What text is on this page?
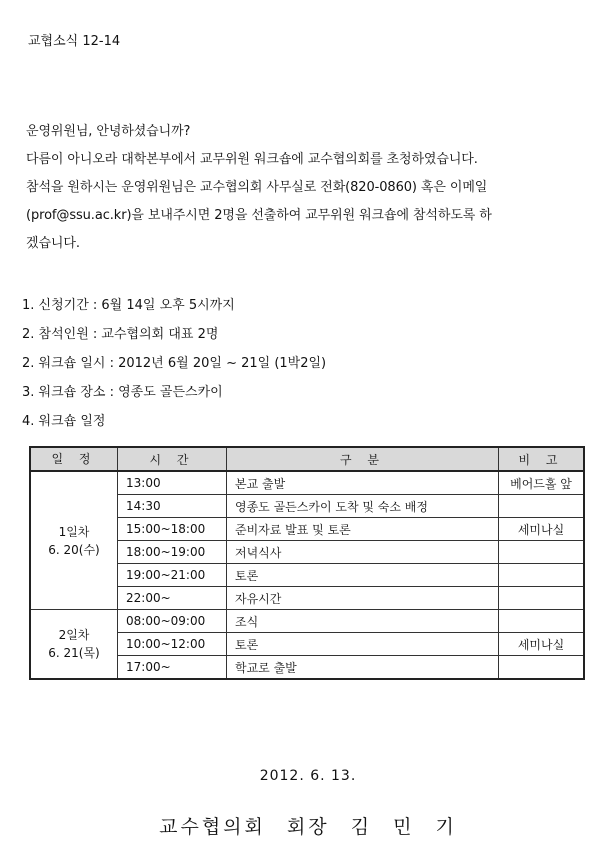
교협소식 12-14
운영위원님, 안녕하셨습니까?
다름이 아니오라 대학본부에서 교무위원 워크숍에 교수협의회를 초청하였습니다.
참석을 원하시는 운영위원님은 교수협의회 사무실로 전화(820-0860) 혹은 이메일
(prof@ssu.ac.kr)을 보내주시면 2명을 선출하여 교무위원 워크숍에 참석하도록 하
겠습니다.
1. 신청기간 : 6월 14일 오후 5시까지
2. 참석인원 : 교수협의회 대표 2명
2. 워크숍 일시 : 2012년 6월 20일 ~ 21일 (1박2일)
3. 워크숍 장소 : 영종도 골든스카이
4. 워크숍 일정
일 정	시 간	구 분	비 고

1일차
6. 20(수)	13:00	본교 출발	베어드홀 앞
	14:30	영종도 골든스카이 도착 및 숙소 배정	
	15:00~18:00	준비자료 발표 및 토론	세미나실
	18:00~19:00	저녁식사	
	19:00~21:00	토론	
	22:00~	자유시간	

2일차
6. 21(목)	08:00~09:00	조식	
	10:00~12:00	토론	세미나실
	17:00~	학교로 출발	
2012. 6. 13.
교수협의회 회장 김 민 기
